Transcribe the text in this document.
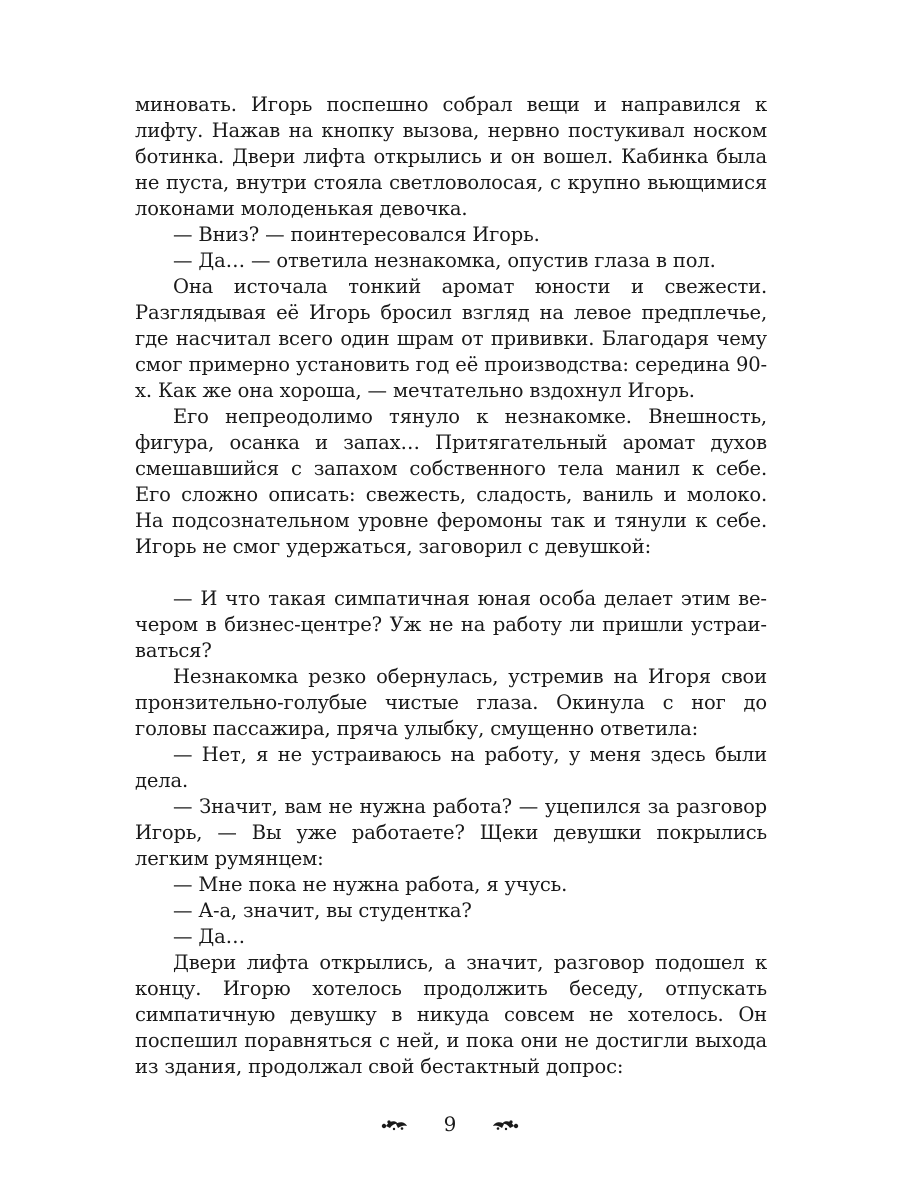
миновать. Игорь поспешно собрал вещи и направился к лифту. Нажав на кнопку вызова, нервно постукивал носком ботинка. Двери лифта открылись и он вошел. Кабинка была не пуста, внутри стояла светловолосая, с крупно вьющимися локонами молоденькая девочка.

— Вниз? — поинтересовался Игорь.

— Да… — ответила незнакомка, опустив глаза в пол.

Она источала тонкий аромат юности и свежести. Разглядывая её Игорь бросил взгляд на левое предплечье, где насчитал всего один шрам от прививки. Благодаря чему смог примерно установить год её производства: середина 90-х. Как же она хороша, — мечтательно вздохнул Игорь.

Его непреодолимо тянуло к незнакомке. Внешность, фигура, осанка и запах… Притягательный аромат духов смешавшийся с запахом собственного тела манил к себе. Его сложно описать: свежесть, сладость, ваниль и молоко. На подсознательном уровне феромоны так и тянули к себе. Игорь не смог удержаться, заговорил с девушкой:

— И что такая симпатичная юная особа делает этим вечером в бизнес-центре? Уж не на работу ли пришли устраиваться?

Незнакомка резко обернулась, устремив на Игоря свои пронзительно-голубые чистые глаза. Окинула с ног до головы пассажира, пряча улыбку, смущенно ответила:

— Нет, я не устраиваюсь на работу, у меня здесь были дела.

— Значит, вам не нужна работа? — уцепился за разговор Игорь, — Вы уже работаете? Щеки девушки покрылись легким румянцем:

— Мне пока не нужна работа, я учусь.

— А-а, значит, вы студентка?

— Да…

Двери лифта открылись, а значит, разговор подошел к концу. Игорю хотелось продолжить беседу, отпускать симпатичную девушку в никуда совсем не хотелось. Он поспешил поравняться с ней, и пока они не достигли выхода из здания, продолжал свой бестактный допрос:

9
